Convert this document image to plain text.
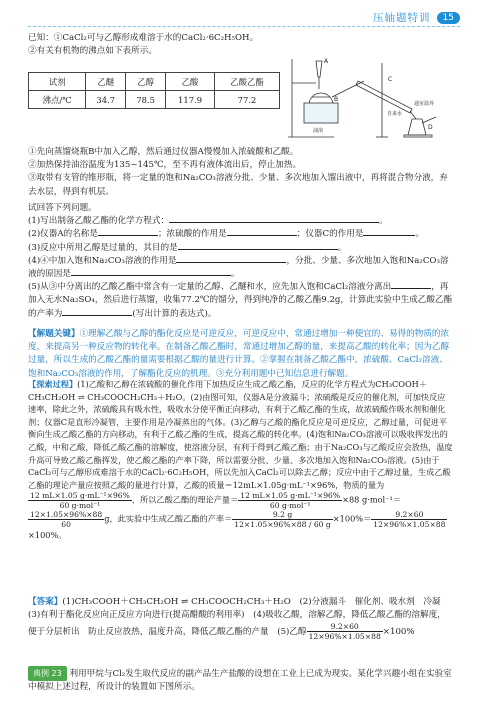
压轴题特训	15

已知：①CaCl₂可与乙醇形成难溶于水的CaCl₂·6C₂H₅OH。

②有关有机物的沸点如下表所示。

试剂	乙醚	乙醇	乙酸	乙酸乙酯
沸点/℃	34.7	78.5	117.9	77.2
A
B
C
D
油浴
自来水
通室温外

①先向蒸馏烧瓶B中加入乙醇，然后通过仪器A慢慢加入浓硫酸和乙酸。

②加热保持油浴温度为135~145℃，至不再有液体流出后，停止加热。

③取带有支管的锥形瓶，将一定量的饱和Na₂CO₃溶液分批、少量、多次地加入馏出液中，再将混合物分液，弃去水层，得到有机层。

试回答下列问题。

(1)写出制备乙酸乙酯的化学方程式：	。

(2)仪器A的名称是	；浓硫酸的作用是	；仪器C的作用是	。

(3)反应中所用乙醇是过量的，其目的是	。

(4)④中加入饱和Na₂CO₃溶液的作用是	，分批、少量、多次地加入饱和Na₂CO₃溶液的原因是	。

(5)从③中分离出的乙酸乙酯中常含有一定量的乙醇、乙醚和水，应先加入饱和CaCl₂溶液分离出	，再加入无水Na₂SO₄，然后进行蒸馏，收集77.2℃的馏分，得到纯净的乙酸乙酯9.2g，计算此实验中生成乙酸乙酯的产率为	(写出计算的表达式)。

【解题关键】①理解乙酸与乙醇的酯化反应是可逆反应，可逆反应中，常通过增加一种便宜的、易得的物质的浓度，来提高另一种反应物的转化率。在制备乙酸乙酯时，常通过增加乙醇的量，来提高乙酸的转化率；因为乙醇过量，所以生成的乙酸乙酯的量需要根据乙酸的量进行计算。②掌握在制备乙酸乙酯中，浓硫酸、CaCl₂溶液、饱和Na₂CO₃溶液的作用，了解酯化反应的机理。③充分利用题中已知信息进行解题。
【探索过程】(1)乙酸和乙醇在浓硫酸的催化作用下加热反应生成乙酸乙酯，反应的化学方程式为CH₃COOH＋CH₃CH₂OH ⇌ CH₃COOCH₂CH₃＋H₂O。(2)由图可知，仪器A是分液漏斗；浓硫酸是反应的催化剂，可加快反应速率，除此之外，浓硫酸具有吸水性，吸收水分使平衡正向移动，有利于乙酸乙酯的生成，故浓硫酸作吸水剂和催化剂；仪器C是直形冷凝管，主要作用是冷凝蒸出的气体。(3)乙醇与乙酸的酯化反应是可逆反应，乙醇过量，可促进平衡向生成乙酸乙酯的方向移动，有利于乙酸乙酯的生成，提高乙酸的转化率。(4)饱和Na₂CO₃溶液可以吸收挥发出的乙酸，中和乙酸，降低乙酸乙酯的溶解度，使溶液分层，有利于得到乙酸乙酯；由于Na₂CO₃与乙酸反应会放热，温度升高可导致乙酸乙酯挥发，使乙酸乙酯的产率下降，所以需要分批、少量、多次地加入饱和Na₂CO₃溶液。(5)由于CaCl₂可与乙醇形成难溶于水的CaCl₂·6C₂H₅OH，所以先加入CaCl₂可以除去乙醇；反应中由于乙醇过量，生成乙酸乙酯的理论产量应按照乙酸的量进行计算，乙酸的质量＝12mL×1.05g·mL⁻¹×96%，物质的量为
$\frac{\text{12 mL×1.05 g·mL⁻¹×96\%}}{\text{60 g·mol⁻¹}}$ ，所以乙酸乙酯的理论产量＝ $\frac{\text{12 mL×1.05 g·mL⁻¹×96\%}}{\text{60 g·mol⁻¹}} \times 88$ g·mol⁻¹＝
$\frac{12\times 1.05\times 96\%\times 88}{60}$ g，此实验中生成乙酸乙酯的产率＝ $\frac{9.2 g}{12\times 1.05\times 96\%\times 88 / 60 g} \times 100\%= \frac{9.2\times 60}{12\times 96\%\times 1.05\times 88}$
×100%。
【答案】(1)CH₃COOH＋CH₃CH₂OH ⇌ CH₃COOCH₂CH₃＋H₂O　(2)分液漏斗　催化剂、吸水剂　冷凝 (3)有利于酯化反应向正反应方向进行(提高醋酸的利用率)　(4)吸收乙酸，溶解乙醇，降低乙酸乙酯的溶解度，便于分层析出　防止反应放热，温度升高，降低乙酸乙酯的产量　(5)乙醇 $\frac{9.2\times 60}{12\times 96\%\times 1.05\times 88} \times 100\%$
典例 23 利用甲烷与Cl₂发生取代反应的副产品生产盐酸的设想在工业上已成为现实。某化学兴趣小组在实验室中模拟上述过程，所设计的装置如下图所示。
